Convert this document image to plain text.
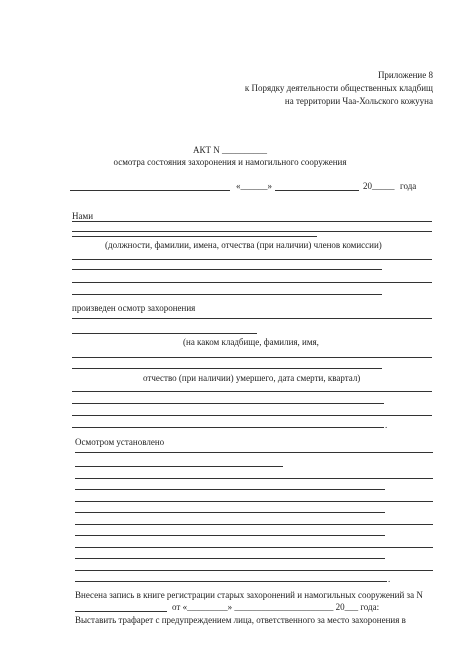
Приложение 8
к Порядку деятельности общественных кладбищ
на территории Чаа-Хольского кожууна
АКТ N __________
осмотра состояния захоронения и намогильного сооружения
«______»	20_____ года
Нами
(должности, фамилии, имена, отчества (при наличии) членов комиссии)
произведен осмотр захоронения
(на каком кладбище, фамилия, имя,
отчество (при наличии) умершего, дата смерти, квартал)
.
Осмотром установлено
.
Внесена запись в книге регистрации старых захоронений и намогильных сооружений за N
от «_________» ______________________ 20___ года:
Выставить трафарет с предупреждением лица, ответственного за место захоронения в
